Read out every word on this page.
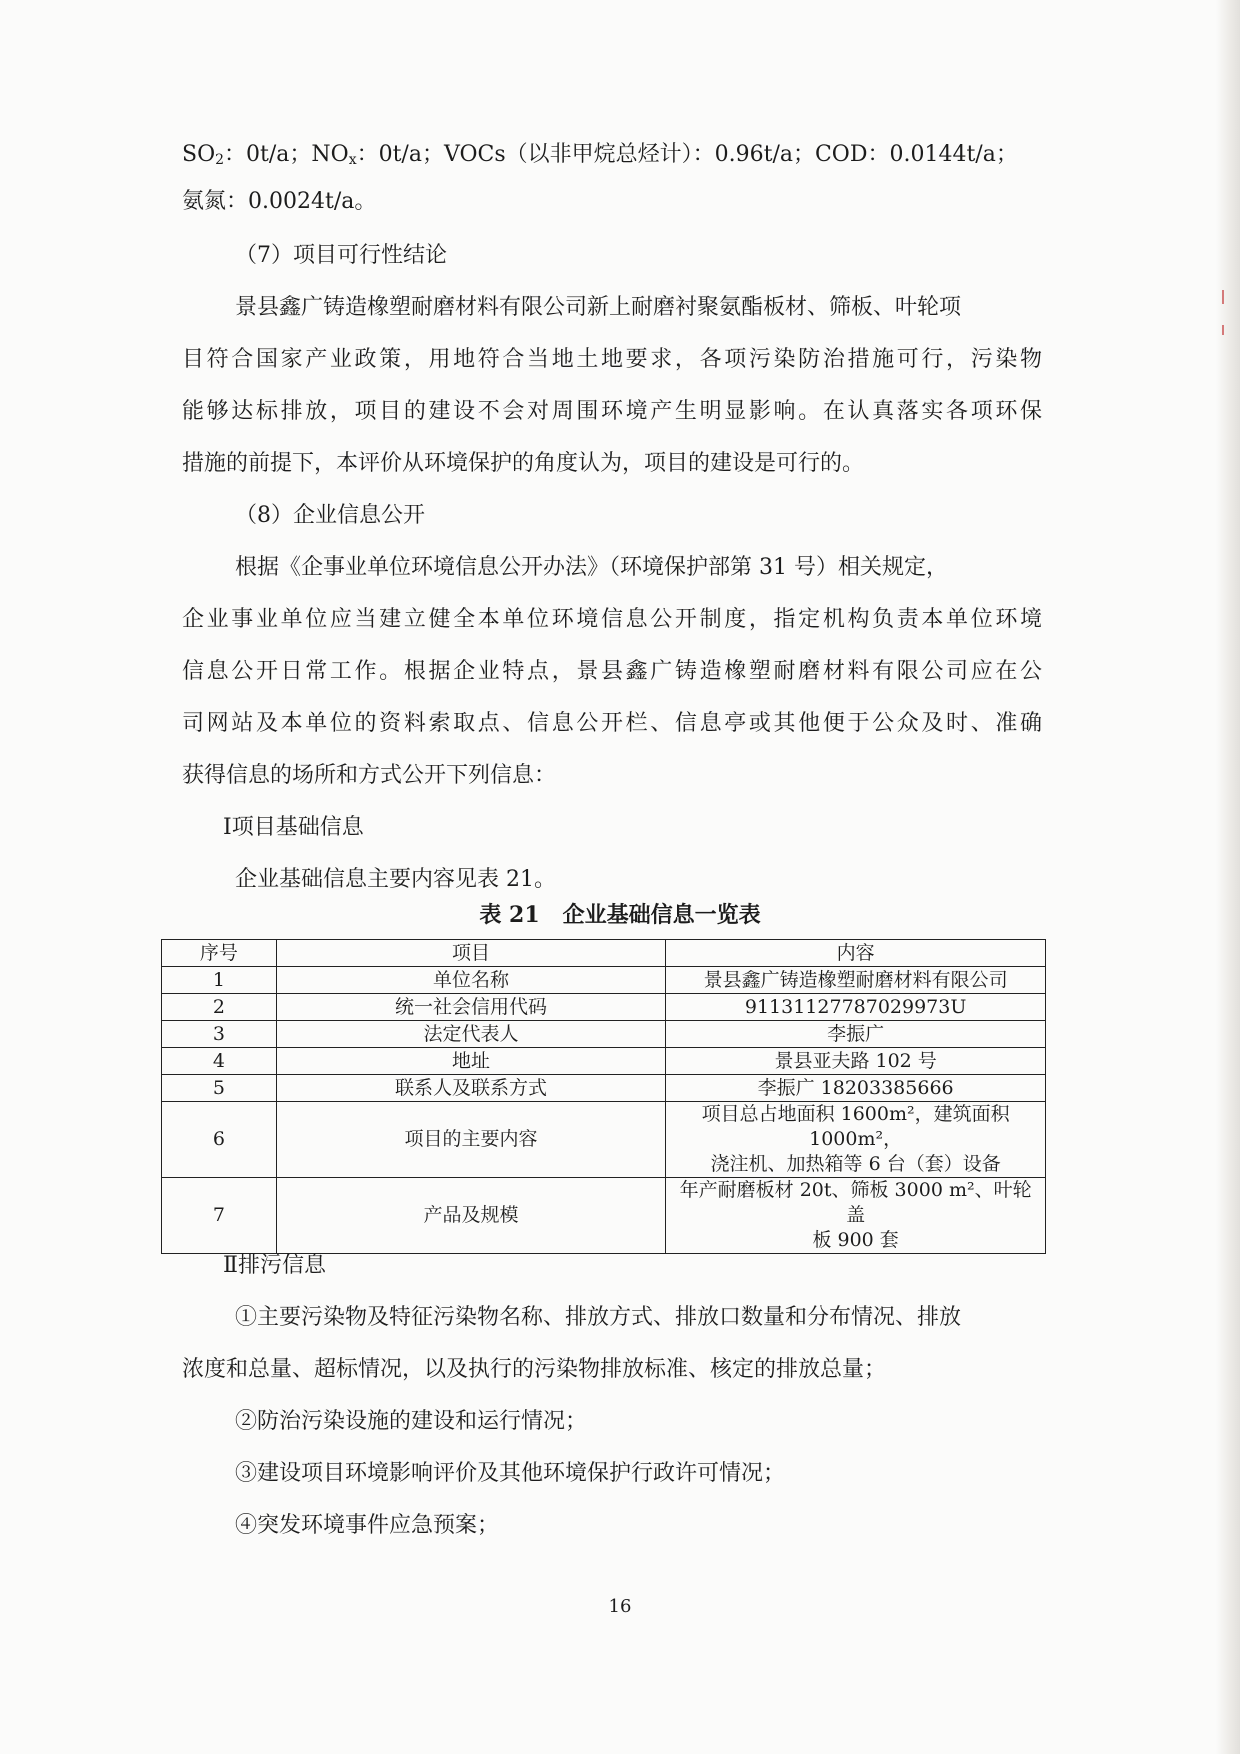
$SO_2$：0t/a；$NO_x$：0t/a；VOCs（以非甲烷总烃计）：0.96t/a；COD：0.0144t/a；
氨氮：0.0024t/a。
（7）项目可行性结论
景县鑫广铸造橡塑耐磨材料有限公司新上耐磨衬聚氨酯板材、筛板、叶轮项
目符合国家产业政策，用地符合当地土地要求，各项污染防治措施可行，污染物
能够达标排放，项目的建设不会对周围环境产生明显影响。在认真落实各项环保
措施的前提下，本评价从环境保护的角度认为，项目的建设是可行的。
（8）企业信息公开
根据《企事业单位环境信息公开办法》（环境保护部第 31 号）相关规定，
企业事业单位应当建立健全本单位环境信息公开制度，指定机构负责本单位环境
信息公开日常工作。根据企业特点，景县鑫广铸造橡塑耐磨材料有限公司应在公
司网站及本单位的资料索取点、信息公开栏、信息亭或其他便于公众及时、准确
获得信息的场所和方式公开下列信息：
Ⅰ项目基础信息
企业基础信息主要内容见表 21。
表 21 企业基础信息一览表
序号	项目	内容
1	单位名称	景县鑫广铸造橡塑耐磨材料有限公司
2	统一社会信用代码	91131127787029973U
3	法定代表人	李振广
4	地址	景县亚夫路 102 号
5	联系人及联系方式	李振广 18203385666
6	项目的主要内容	项目总占地面积 1600m²，建筑面积 1000m²，
浇注机、加热箱等 6 台（套）设备

7	产品及规模	年产耐磨板材 20t、筛板 3000 m²、叶轮盖
板 900 套
Ⅱ排污信息
①主要污染物及特征污染物名称、排放方式、排放口数量和分布情况、排放
浓度和总量、超标情况，以及执行的污染物排放标准、核定的排放总量；
②防治污染设施的建设和运行情况；
③建设项目环境影响评价及其他环境保护行政许可情况；
④突发环境事件应急预案；
16
